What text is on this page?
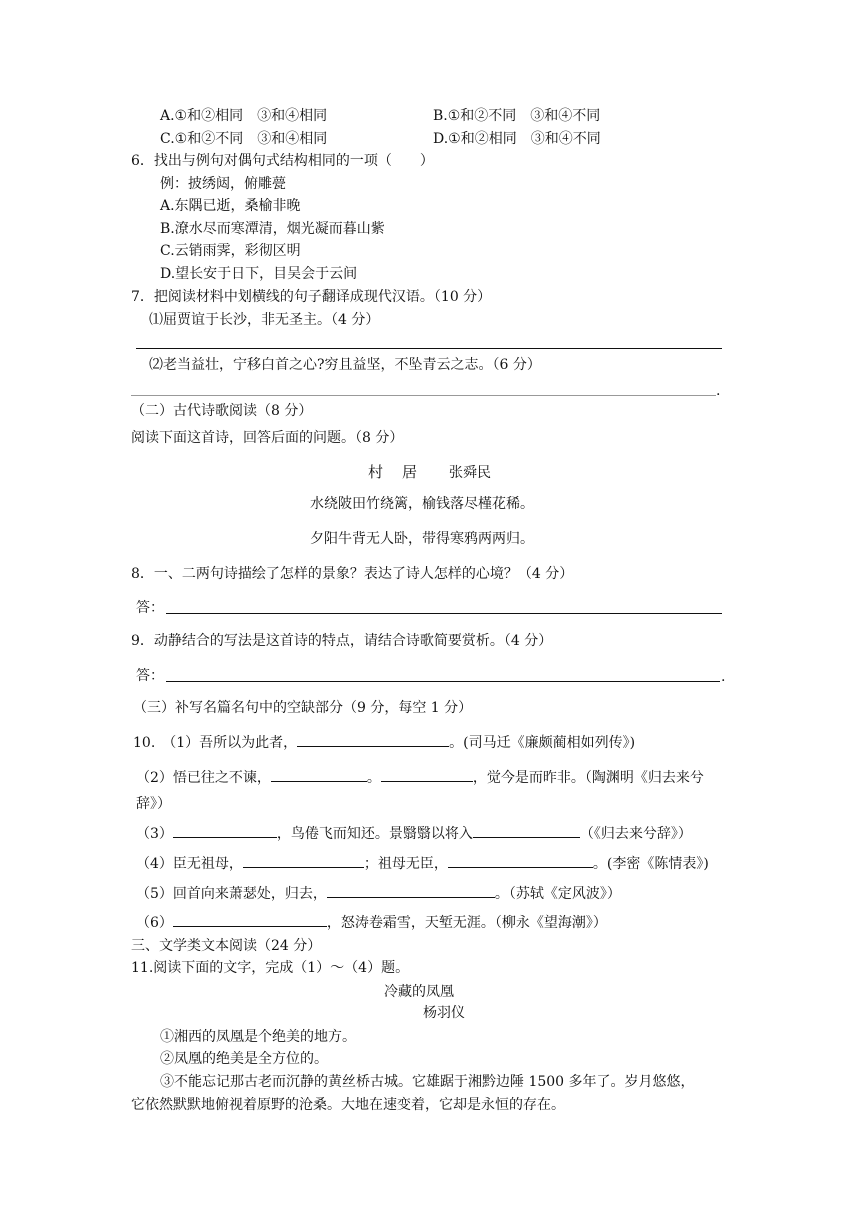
A.①和②相同　③和④相同	B.①和②不同　③和④不同
C.①和②不同　③和④相同	D.①和②相同　③和④不同
6．找出与例句对偶句式结构相同的一项（　　）
例：披绣闼，俯雕甍
A.东隅已逝，桑榆非晚
B.潦水尽而寒潭清，烟光凝而暮山紫
C.云销雨霁，彩彻区明
D.望长安于日下，目吴会于云间
7．把阅读材料中划横线的句子翻译成现代汉语。（10 分）
⑴屈贾谊于长沙，非无圣主。（4 分）
⑵老当益壮，宁移白首之心?穷且益坚，不坠青云之志。（6 分）
.
（二）古代诗歌阅读（8 分）
阅读下面这首诗，回答后面的问题。（8 分）
村　居 张舜民
水绕陂田竹绕篱，榆钱落尽槿花稀。
夕阳牛背无人卧，带得寒鸦两两归。
8．一、二两句诗描绘了怎样的景象？表达了诗人怎样的心境？（4 分）
答：
9．动静结合的写法是这首诗的特点，请结合诗歌简要赏析。（4 分）
答：	.
（三）补写名篇名句中的空缺部分（9 分，每空 1 分）
10.　（1）吾所以为此者，	。(司马迁《廉颇蔺相如列传》)
（2）悟已往之不谏，	。	，觉今是而昨非。（陶渊明《归去来兮
辞》）
（3）	，鸟倦飞而知还。景翳翳以将入	（《归去来兮辞》）
（4）臣无祖母，	；祖母无臣，	。(李密《陈情表》)
（5）回首向来萧瑟处，归去，	。（苏轼《定风波》）
（6）	，怒涛卷霜雪，天堑无涯。（柳永《望海潮》）
三、文学类文本阅读（24 分）
11.阅读下面的文字，完成（1）～（4）题。
冷藏的凤凰
杨羽仪
①湘西的凤凰是个绝美的地方。
②凤凰的绝美是全方位的。
③不能忘记那古老而沉静的黄丝桥古城。它雄踞于湘黔边陲 1500 多年了。岁月悠悠，
它依然默默地俯视着原野的沧桑。大地在速变着，它却是永恒的存在。
